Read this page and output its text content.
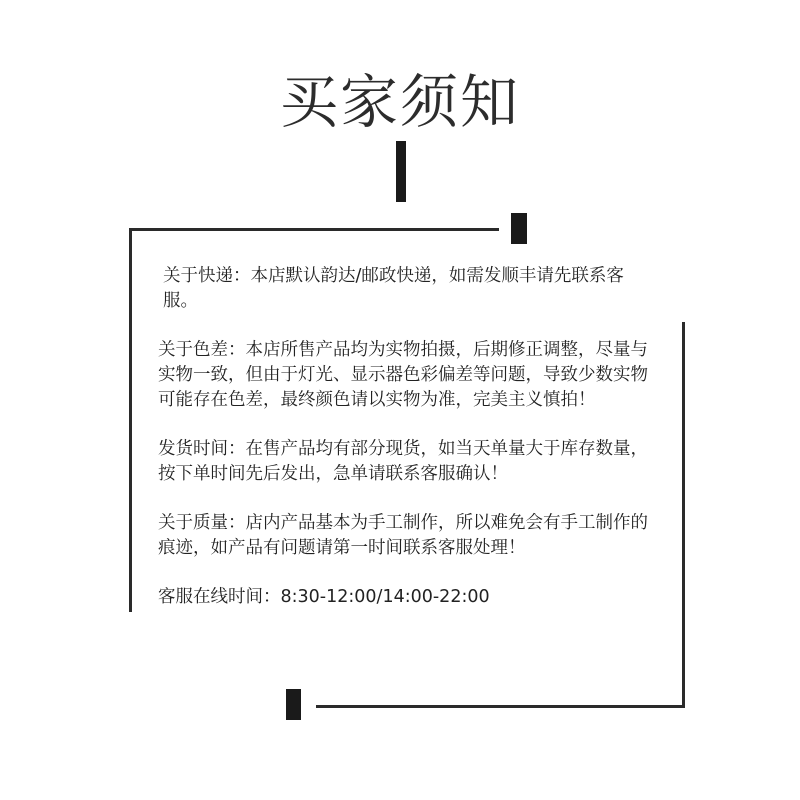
买家须知

关于快递：本店默认韵达/邮政快递，如需发顺丰请先联系客服。

关于色差：本店所售产品均为实物拍摄，后期修正调整，尽量与实物一致，但由于灯光、显示器色彩偏差等问题，导致少数实物可能存在色差，最终颜色请以实物为准，完美主义慎拍！

发货时间：在售产品均有部分现货，如当天单量大于库存数量，按下单时间先后发出，急单请联系客服确认！

关于质量：店内产品基本为手工制作，所以难免会有手工制作的痕迹，如产品有问题请第一时间联系客服处理！

客服在线时间：8:30-12:00/14:00-22:00
